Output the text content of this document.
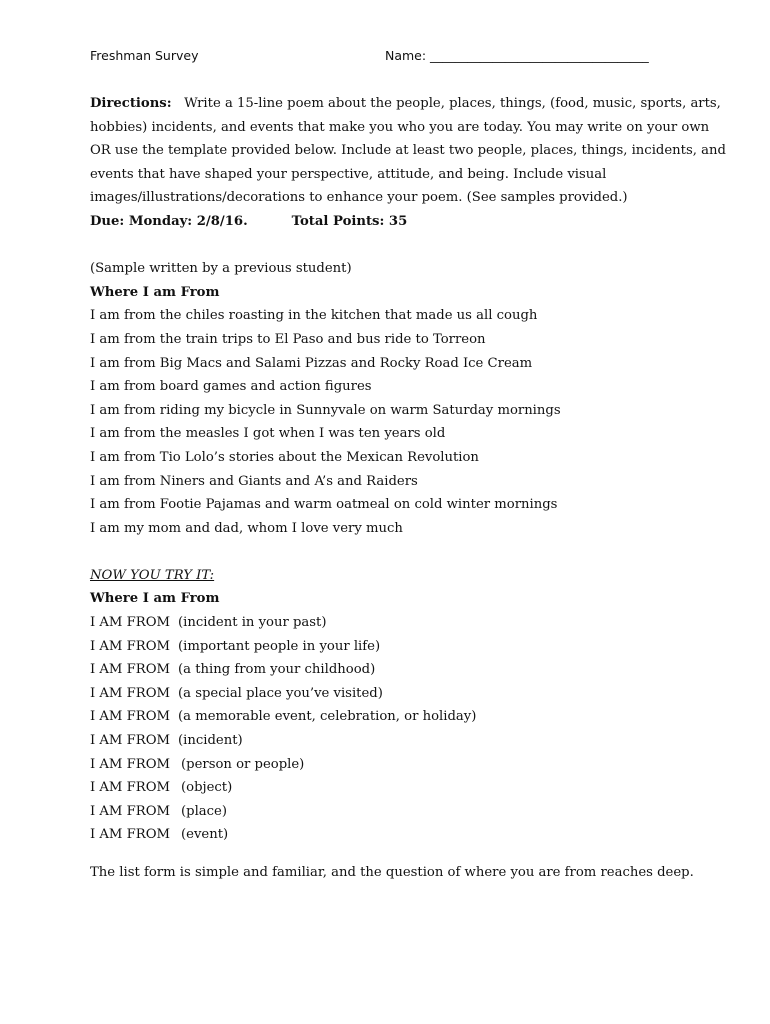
Freshman Survey	Name: ___________________________________
Directions: Write a 15-line poem about the people, places, things, (food, music, sports, arts,
hobbies) incidents, and events that make you who you are today. You may write on your own
OR use the template provided below. Include at least two people, places, things, incidents, and
events that have shaped your perspective, attitude, and being. Include visual
images/illustrations/decorations to enhance your poem. (See samples provided.)
Due: Monday: 2/8/16.	Total Points: 35
(Sample written by a previous student)
Where I am From
I am from the chiles roasting in the kitchen that made us all cough
I am from the train trips to El Paso and bus ride to Torreon
I am from Big Macs and Salami Pizzas and Rocky Road Ice Cream
I am from board games and action figures
I am from riding my bicycle in Sunnyvale on warm Saturday mornings
I am from the measles I got when I was ten years old
I am from Tio Lolo’s stories about the Mexican Revolution
I am from Niners and Giants and A’s and Raiders
I am from Footie Pajamas and warm oatmeal on cold winter mornings
I am my mom and dad, whom I love very much
NOW YOU TRY IT:
Where I am From
I AM FROM (incident in your past)
I AM FROM (important people in your life)
I AM FROM (a thing from your childhood)
I AM FROM (a special place you’ve visited)
I AM FROM (a memorable event, celebration, or holiday)
I AM FROM (incident)
I AM FROM (person or people)
I AM FROM (object)
I AM FROM (place)
I AM FROM (event)
The list form is simple and familiar, and the question of where you are from reaches deep.
